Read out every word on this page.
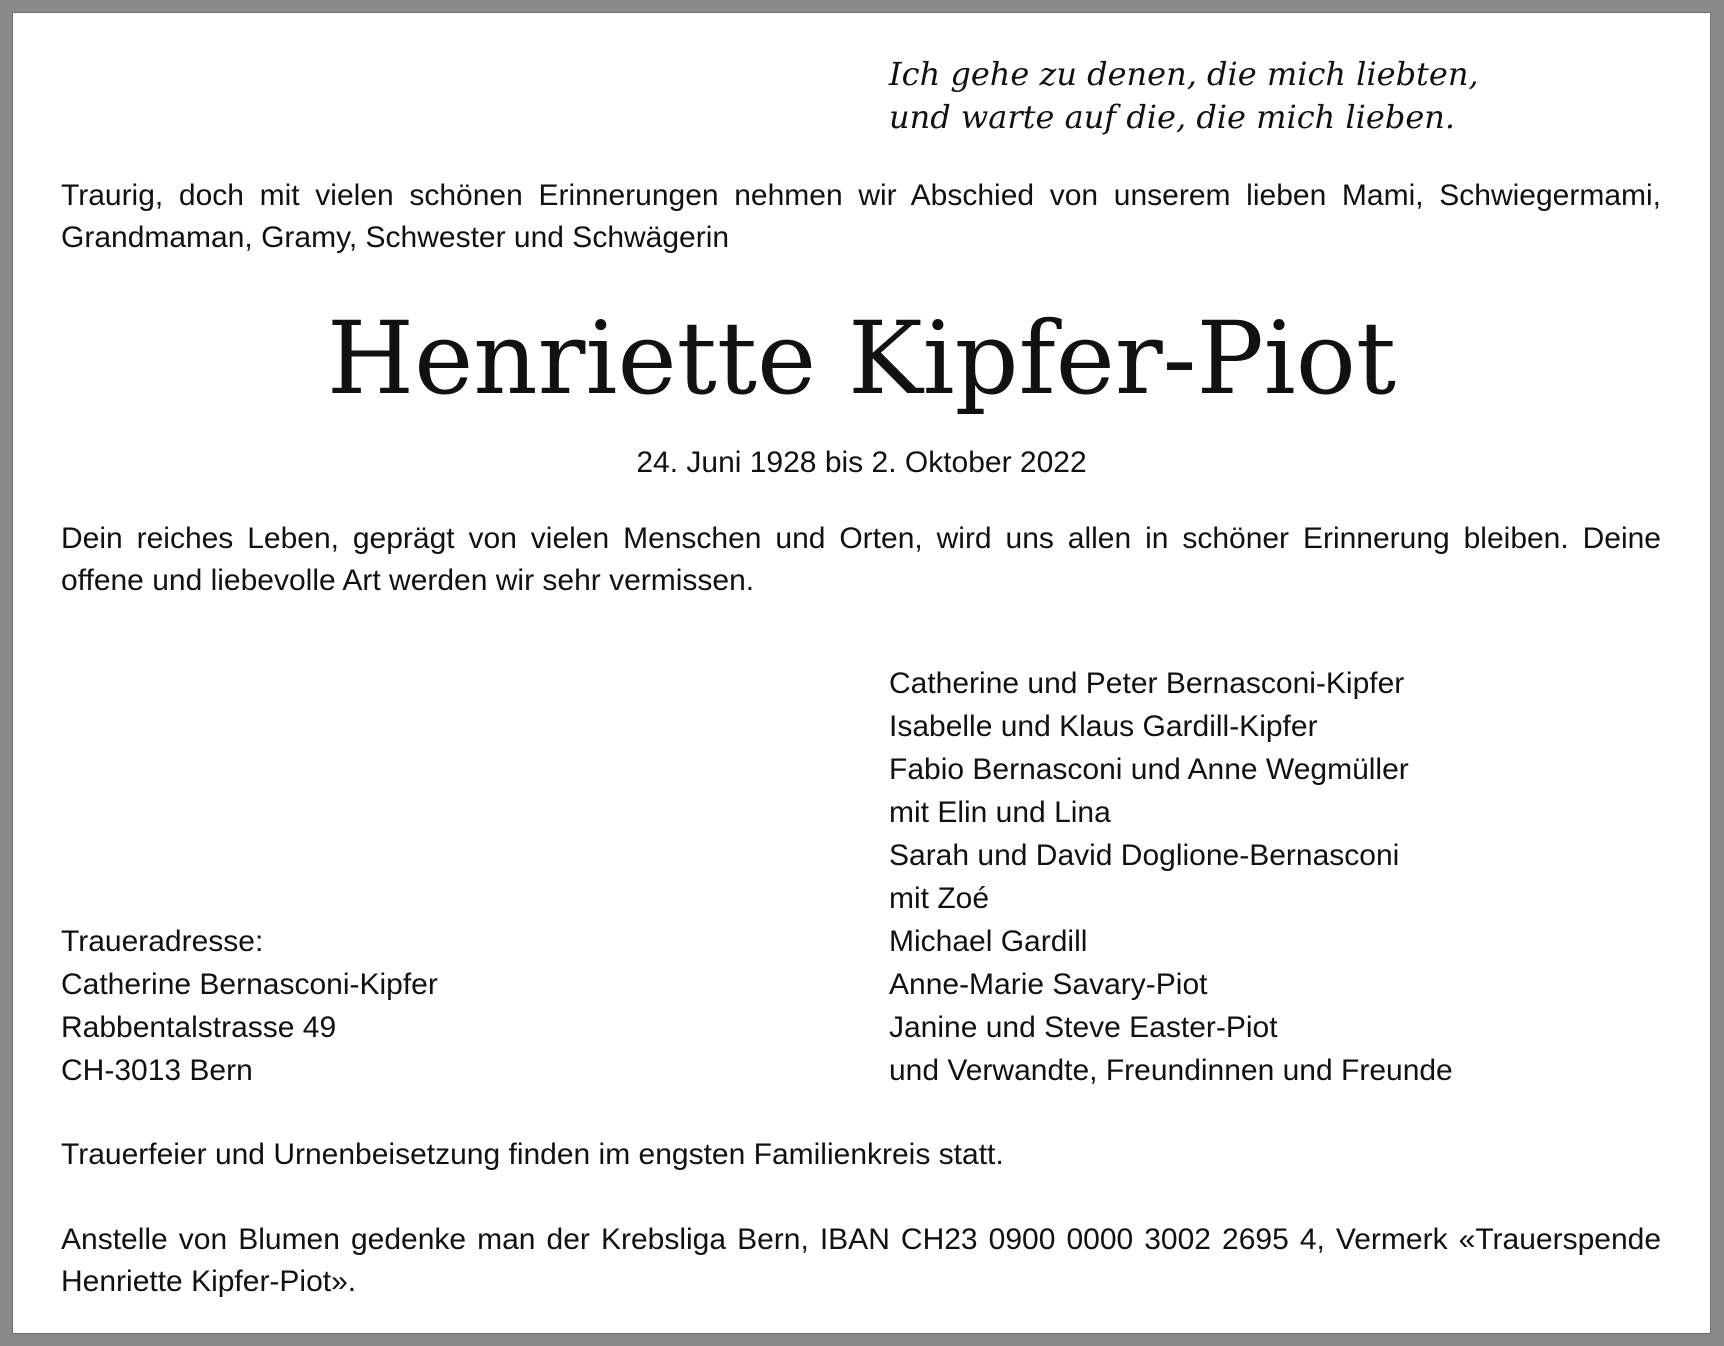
Ich gehe zu denen, die mich liebten,
und warte auf die, die mich lieben.

Traurig, doch mit vielen schönen Erinnerungen nehmen wir Abschied von unserem lieben Mami, Schwiegermami, Grandmaman, Gramy, Schwester und Schwägerin

Henriette Kipfer-Piot
24. Juni 1928 bis 2. Oktober 2022

Dein reiches Leben, geprägt von vielen Menschen und Orten, wird uns allen in schöner Erinnerung bleiben. Deine offene und liebevolle Art werden wir sehr vermissen.

Catherine und Peter Bernasconi-Kipfer
Isabelle und Klaus Gardill-Kipfer
Fabio Bernasconi und Anne Wegmüller
mit Elin und Lina
Sarah und David Doglione-Bernasconi
mit Zoé
Michael Gardill
Anne-Marie Savary-Piot
Janine und Steve Easter-Piot
und Verwandte, Freundinnen und Freunde
Traueradresse:
Catherine Bernasconi-Kipfer
Rabbentalstrasse 49
CH-3013 Bern
Trauerfeier und Urnenbeisetzung finden im engsten Familienkreis statt.

Anstelle von Blumen gedenke man der Krebsliga Bern, IBAN CH23 0900 0000 3002 2695 4, Vermerk «Trauerspende Henriette Kipfer-Piot».
